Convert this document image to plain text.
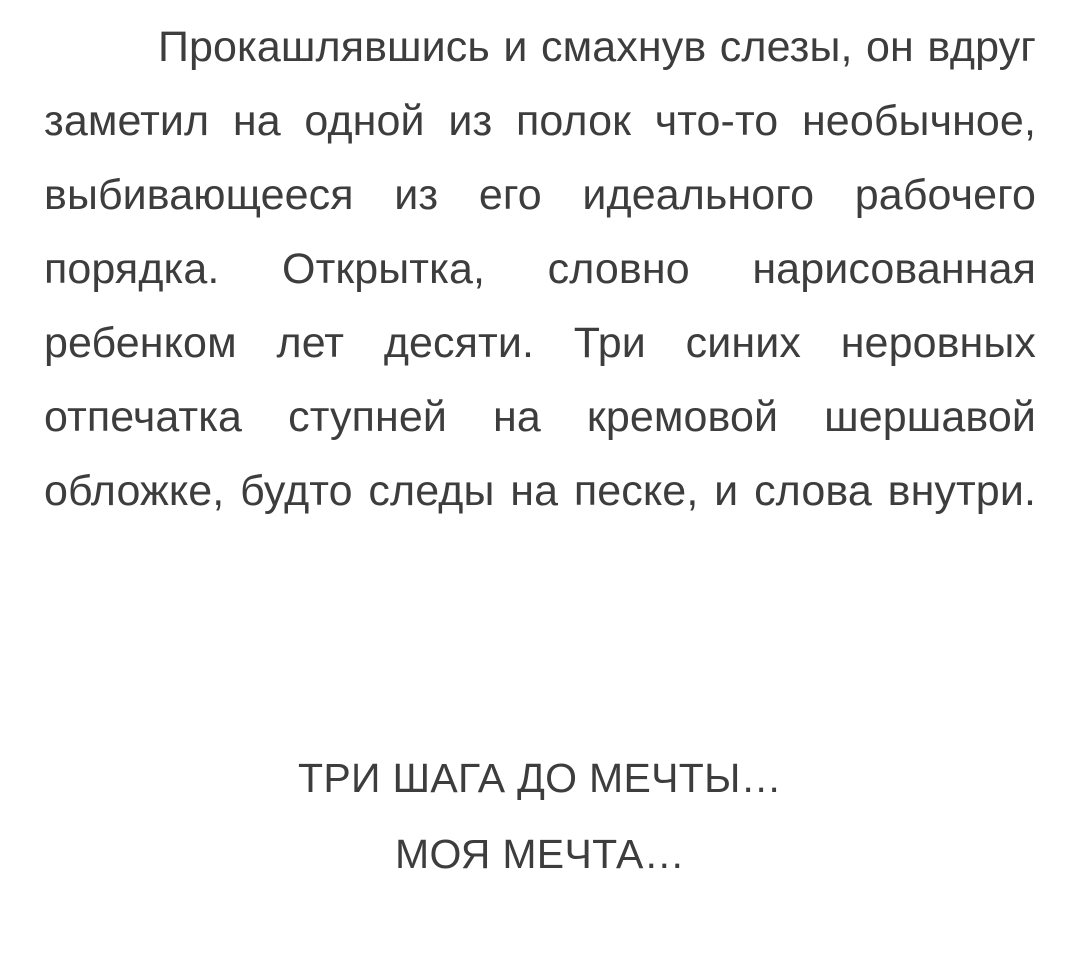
Прокашлявшись и смахнув слезы, он вдруг заметил на одной из полок что-то необычное, выбивающееся из его идеального рабочего порядка. Открытка, словно нарисованная ребенком лет десяти. Три синих неровных отпечатка ступней на кремовой шершавой обложке, будто следы на песке, и слова внутри.

ТРИ ШАГА ДО МЕЧТЫ…

МОЯ МЕЧТА…
